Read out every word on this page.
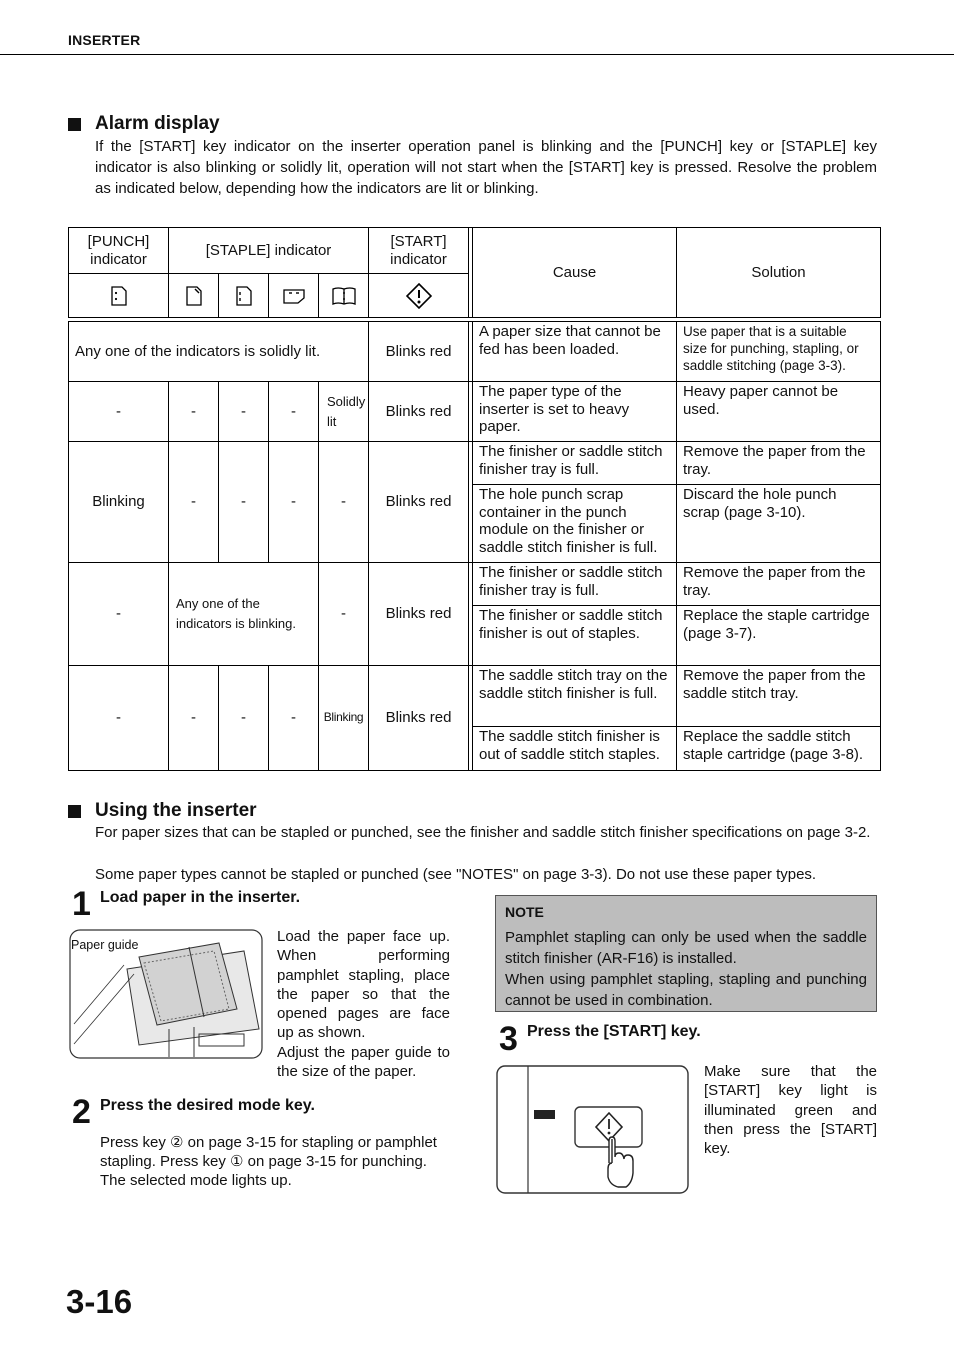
INSERTER
Alarm display
If the [START] key indicator on the inserter operation panel is blinking and the [PUNCH] key or [STAPLE] key indicator is also blinking or solidly lit, operation will not start when the [START] key is pressed. Resolve the problem as indicated below, depending how the indicators are lit or blinking.
[PUNCH] indicator	[STAPLE] indicator				[START] indicator		Cause	Solution

Any one of the indicators is solidly lit.					Blinks red		A paper size that cannot be fed has been loaded.	Use paper that is a suitable size for punching, stapling, or saddle stitching (page 3-3).
-	-	-	-	Solidly lit	Blinks red		The paper type of the inserter is set to heavy paper.	Heavy paper cannot be used.
Blinking	-	-	-	-	Blinks red		The finisher or saddle stitch finisher tray is full.	Remove the paper from the tray.
							The hole punch scrap container in the punch module on the finisher or saddle stitch finisher is full.	Discard the hole punch scrap (page 3-10).
-	Any one of the indicators is blinking.			-	Blinks red		The finisher or saddle stitch finisher tray is full.	Remove the paper from the tray.
							The finisher or saddle stitch finisher is out of staples.	Replace the staple cartridge (page 3-7).
-	-	-	-	Blinking	Blinks red		The saddle stitch tray on the saddle stitch finisher is full.	Remove the paper from the saddle stitch tray.
							The saddle stitch finisher is out of saddle stitch staples.	Replace the saddle stitch staple cartridge (page 3-8).
Using the inserter
For paper sizes that can be stapled or punched, see the finisher and saddle stitch finisher specifications on page 3-2.
Some paper types cannot be stapled or punched (see "NOTES" on page 3-3). Do not use these paper types.
1 Load paper in the inserter.
Paper guide	Load the paper face up. When performing pamphlet stapling, place the paper so that the opened pages are face up as shown.
Adjust the paper guide to the size of the paper.
2 Press the desired mode key.
Press key ② on page 3-15 for stapling or pamphlet stapling. Press key ① on page 3-15 for punching. The selected mode lights up.
NOTE
Pamphlet stapling can only be used when the saddle stitch finisher (AR-F16) is installed.
When using pamphlet stapling, stapling and punching cannot be used in combination.
3 Press the [START] key.
Make sure that the [START] key light is illuminated green and then press the [START] key.
3-16
